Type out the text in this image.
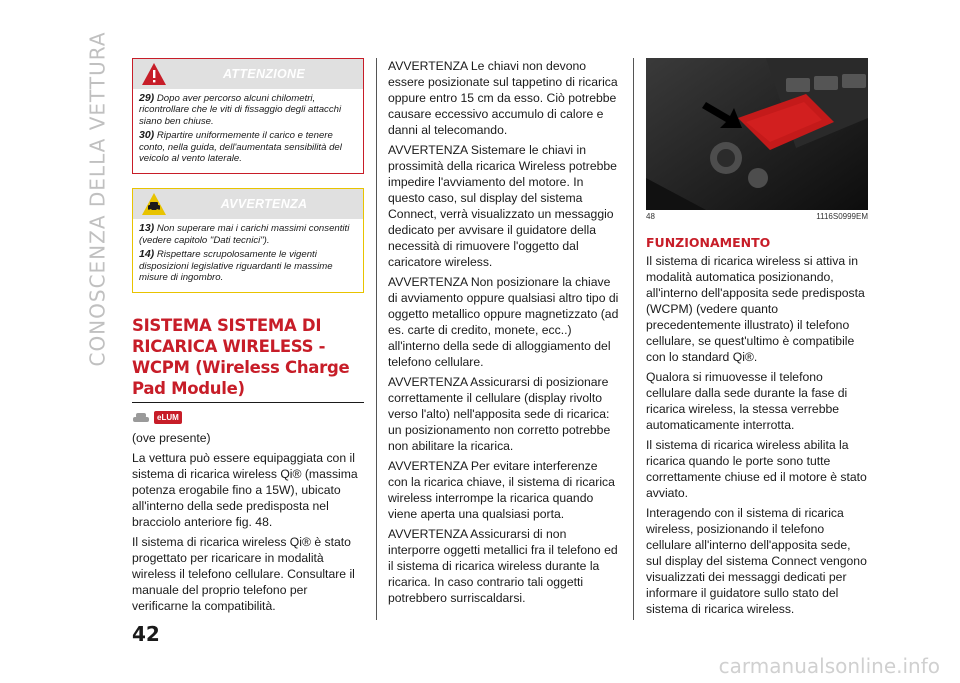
CONOSCENZA DELLA VETTURA	ATTENZIONE

29) Dopo aver percorso alcuni chilometri, ricontrollare che le viti di fissaggio degli attacchi siano ben chiuse.

30) Ripartire uniformemente il carico e tenere conto, nella guida, dell'aumentata sensibilità del veicolo al vento laterale.

AVVERTENZA

13) Non superare mai i carichi massimi consentiti (vedere capitolo "Dati tecnici").

14) Rispettare scrupolosamente le vigenti disposizioni legislative riguardanti le massime misure di ingombro.

SISTEMA SISTEMA DI RICARICA WIRELESS - WCPM (Wireless Charge Pad Module)
eLUM

(ove presente)

La vettura può essere equipaggiata con il sistema di ricarica wireless Qi® (massima potenza erogabile fino a 15W), ubicato all'interno della sede predisposta nel bracciolo anteriore fig. 48.

Il sistema di ricarica wireless Qi® è stato progettato per ricaricare in modalità wireless il telefono cellulare. Consultare il manuale del proprio telefono per verificarne la compatibilità.

AVVERTENZA Le chiavi non devono essere posizionate sul tappetino di ricarica oppure entro 15 cm da esso. Ciò potrebbe causare eccessivo accumulo di calore e danni al telecomando.

AVVERTENZA Sistemare le chiavi in prossimità della ricarica Wireless potrebbe impedire l'avviamento del motore. In questo caso, sul display del sistema Connect, verrà visualizzato un messaggio dedicato per avvisare il guidatore della necessità di rimuovere l'oggetto dal caricatore wireless.

AVVERTENZA Non posizionare la chiave di avviamento oppure qualsiasi altro tipo di oggetto metallico oppure magnetizzato (ad es. carte di credito, monete, ecc..) all'interno della sede di alloggiamento del telefono cellulare.

AVVERTENZA Assicurarsi di posizionare correttamente il cellulare (display rivolto verso l'alto) nell'apposita sede di ricarica: un posizionamento non corretto potrebbe non abilitare la ricarica.

AVVERTENZA Per evitare interferenze con la ricarica chiave, il sistema di ricarica wireless interrompe la ricarica quando viene aperta una qualsiasi porta.

AVVERTENZA Assicurarsi di non interporre oggetti metallici fra il telefono ed il sistema di ricarica wireless durante la ricarica. In caso contrario tali oggetti potrebbero surriscaldarsi.

48	1116S0999EM
FUNZIONAMENTO

Il sistema di ricarica wireless si attiva in modalità automatica posizionando, all'interno dell'apposita sede predisposta (WCPM) (vedere quanto precedentemente illustrato) il telefono cellulare, se quest'ultimo è compatibile con lo standard Qi®.

Qualora si rimuovesse il telefono cellulare dalla sede durante la fase di ricarica wireless, la stessa verrebbe automaticamente interrotta.

Il sistema di ricarica wireless abilita la ricarica quando le porte sono tutte correttamente chiuse ed il motore è stato avviato.

Interagendo con il sistema di ricarica wireless, posizionando il telefono cellulare all'interno dell'apposita sede, sul display del sistema Connect vengono visualizzati dei messaggi dedicati per informare il guidatore sullo stato del sistema di ricarica wireless.

42
carmanualsonline.info
